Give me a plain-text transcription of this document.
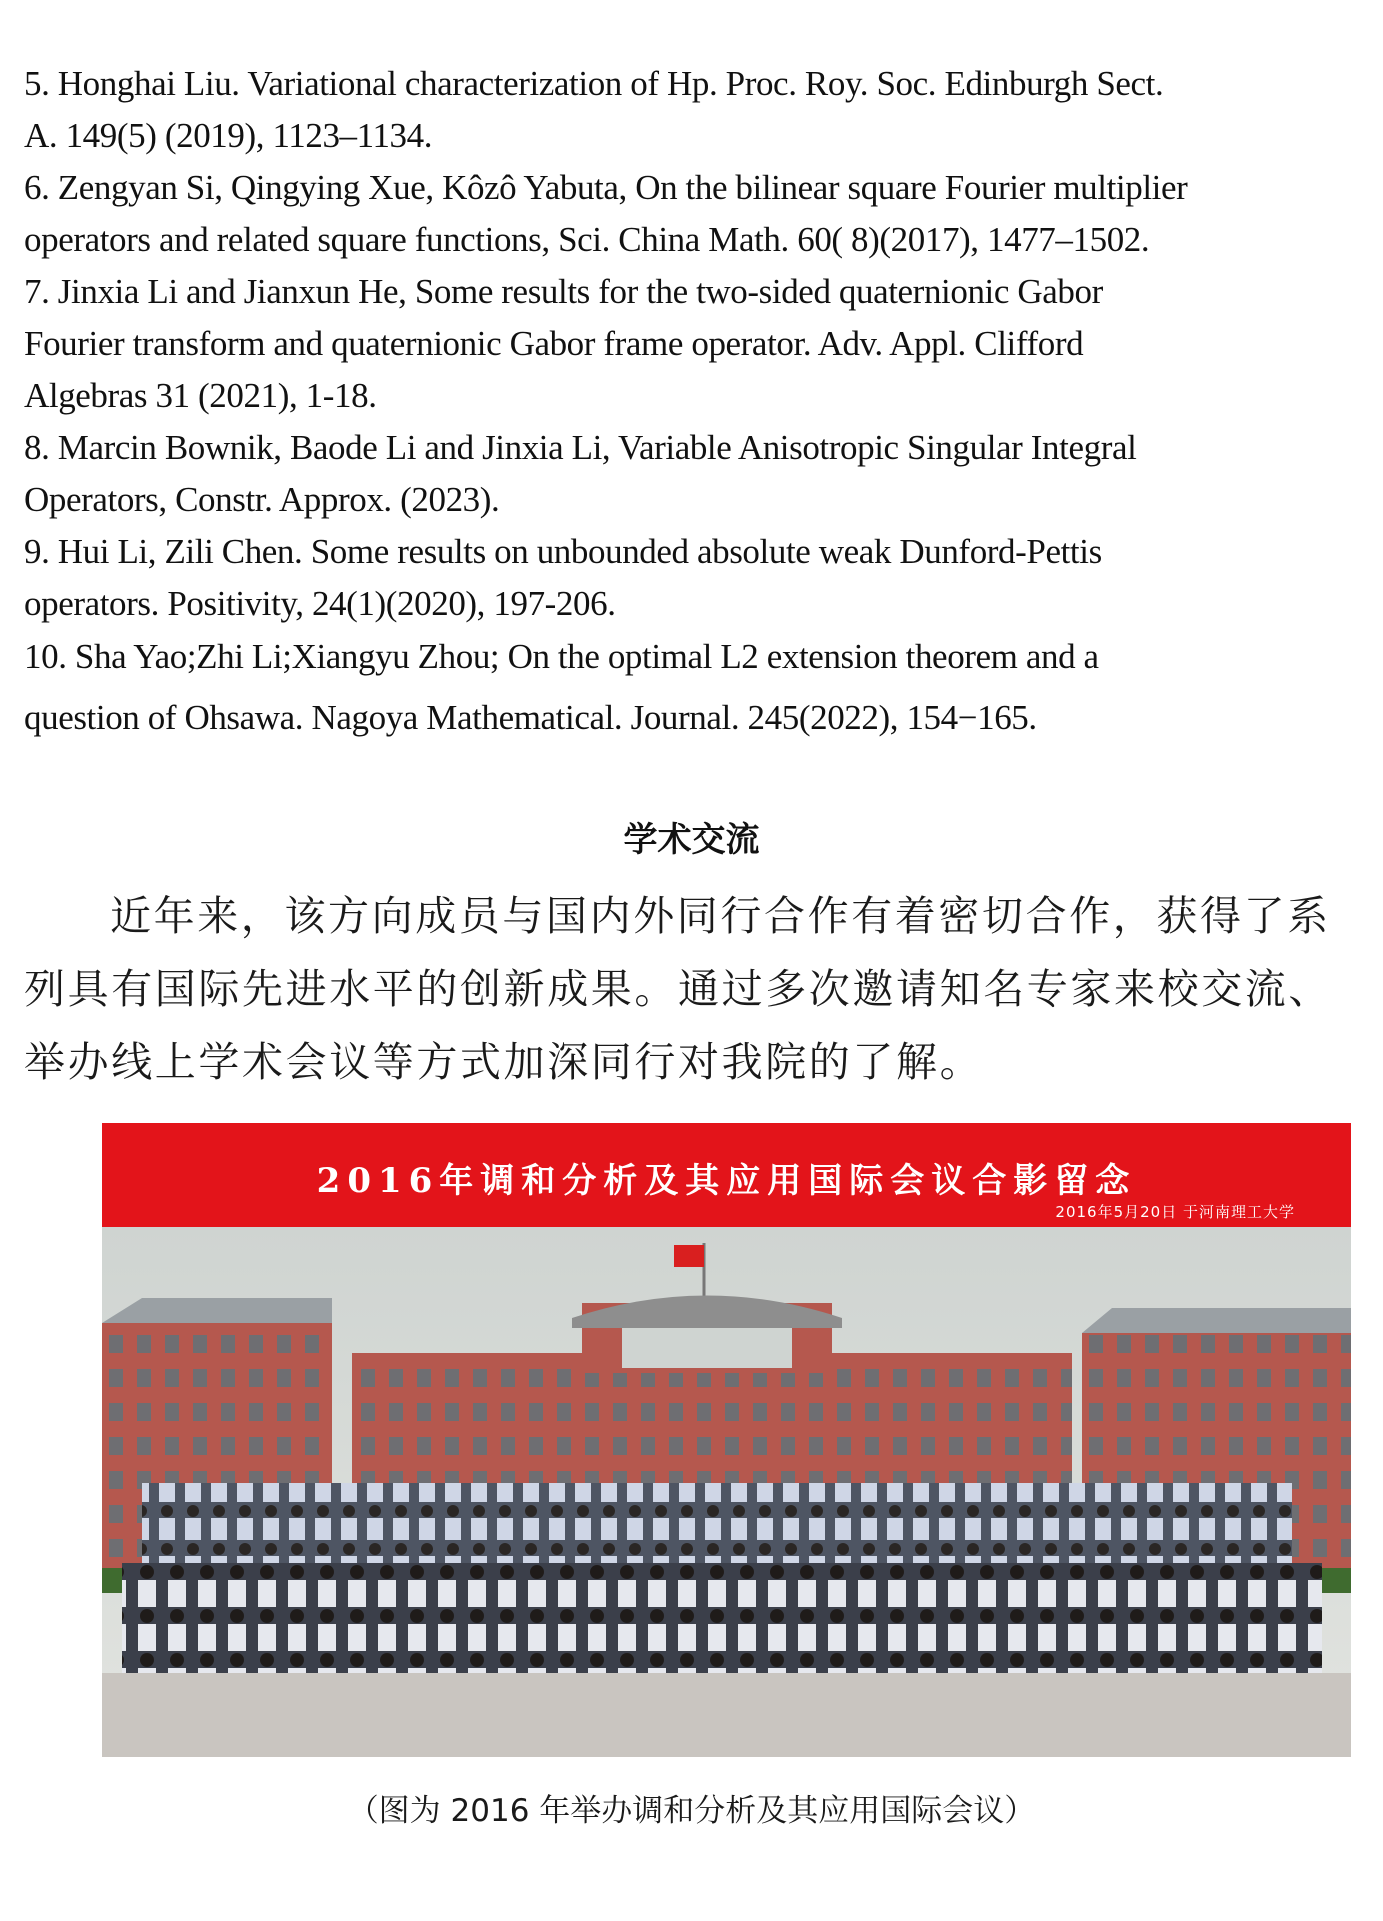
5. Honghai Liu. Variational characterization of Hp. Proc. Roy. Soc. Edinburgh Sect.
A. 149(5) (2019), 1123–1134.

6. Zengyan Si, Qingying Xue, Kôzô Yabuta, On the bilinear square Fourier multiplier
operators and related square functions, Sci. China Math. 60( 8)(2017), 1477–1502.

7. Jinxia Li and Jianxun He, Some results for the two-sided quaternionic Gabor
Fourier transform and quaternionic Gabor frame operator. Adv. Appl. Clifford
Algebras 31 (2021), 1-18.

8. Marcin Bownik, Baode Li and Jinxia Li, Variable Anisotropic Singular Integral
Operators, Constr. Approx. (2023).

9. Hui Li, Zili Chen. Some results on unbounded absolute weak Dunford-Pettis
operators. Positivity, 24(1)(2020), 197-206.

10. Sha Yao;Zhi Li;Xiangyu Zhou; On the optimal L2 extension theorem and a
question of Ohsawa. Nagoya Mathematical. Journal. 245(2022), 154−165.

学术交流
近年来，该方向成员与国内外同行合作有着密切合作，获得了系列具有国际先进水平的创新成果。通过多次邀请知名专家来校交流、举办线上学术会议等方式加深同行对我院的了解。
2016年调和分析及其应用国际会议合影留念
2016年5月20日 于河南理工大学
（图为 2016 年举办调和分析及其应用国际会议）
